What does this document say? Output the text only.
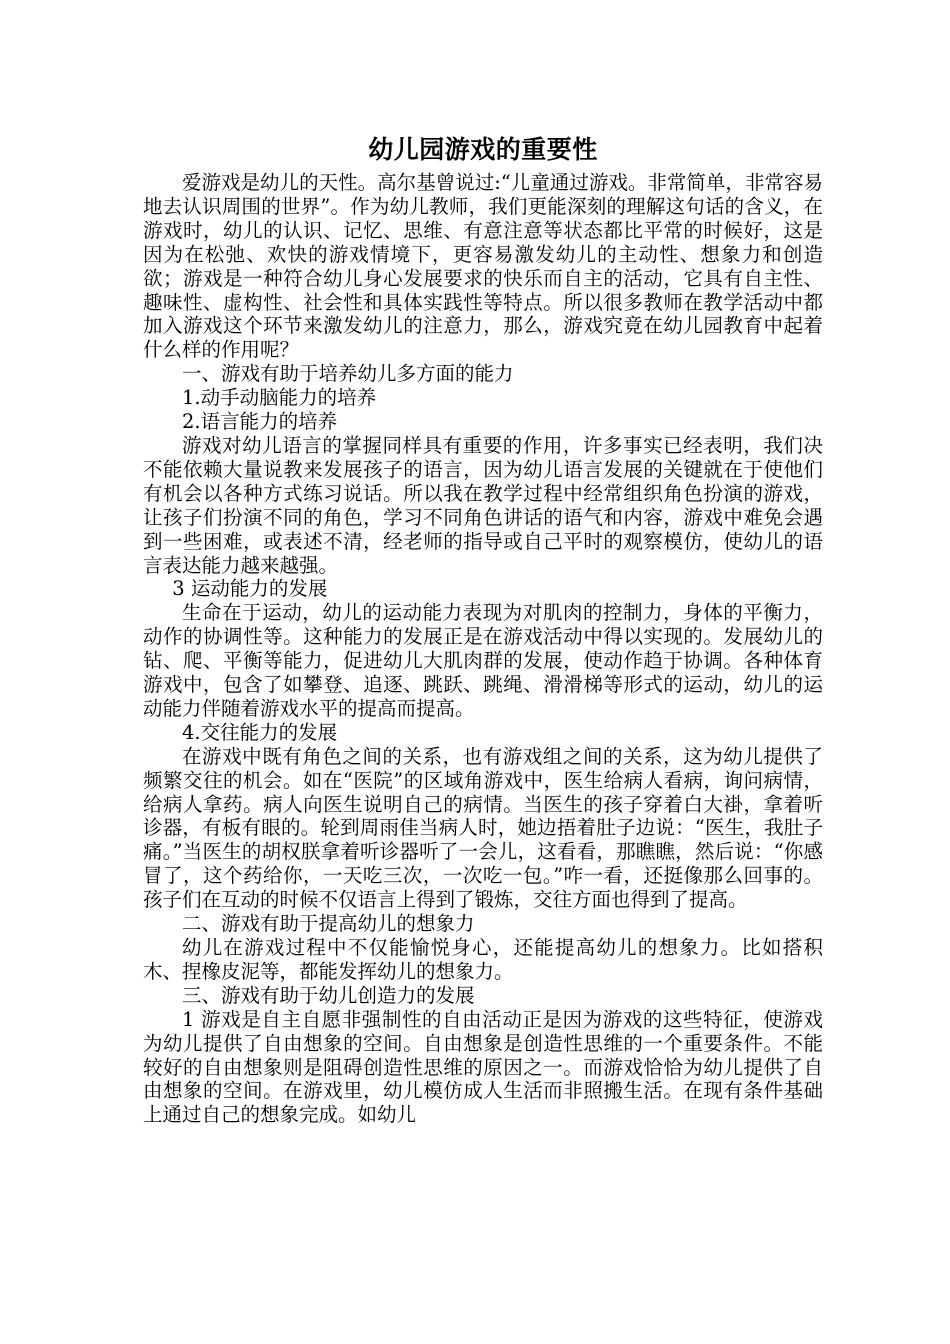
幼儿园游戏的重要性

爱游戏是幼儿的天性。高尔基曾说过:“儿童通过游戏。非常简单，非常容易地去认识周围的世界”。作为幼儿教师，我们更能深刻的理解这句话的含义，在游戏时，幼儿的认识、记忆、思维、有意注意等状态都比平常的时候好，这是因为在松弛、欢快的游戏情境下，更容易激发幼儿的主动性、想象力和创造欲；游戏是一种符合幼儿身心发展要求的快乐而自主的活动，它具有自主性、趣味性、虚构性、社会性和具体实践性等特点。所以很多教师在教学活动中都加入游戏这个环节来激发幼儿的注意力，那么，游戏究竟在幼儿园教育中起着什么样的作用呢？

一、游戏有助于培养幼儿多方面的能力

1.动手动脑能力的培养

2.语言能力的培养

游戏对幼儿语言的掌握同样具有重要的作用，许多事实已经表明，我们决不能依赖大量说教来发展孩子的语言，因为幼儿语言发展的关键就在于使他们有机会以各种方式练习说话。所以我在教学过程中经常组织角色扮演的游戏，让孩子们扮演不同的角色，学习不同角色讲话的语气和内容，游戏中难免会遇到一些困难，或表述不清，经老师的指导或自己平时的观察模仿，使幼儿的语言表达能力越来越强。

3 运动能力的发展

生命在于运动，幼儿的运动能力表现为对肌肉的控制力，身体的平衡力，动作的协调性等。这种能力的发展正是在游戏活动中得以实现的。发展幼儿的钻、爬、平衡等能力，促进幼儿大肌肉群的发展，使动作趋于协调。各种体育游戏中，包含了如攀登、追逐、跳跃、跳绳、滑滑梯等形式的运动，幼儿的运动能力伴随着游戏水平的提高而提高。

4.交往能力的发展

在游戏中既有角色之间的关系，也有游戏组之间的关系，这为幼儿提供了频繁交往的机会。如在“医院”的区域角游戏中，医生给病人看病，询问病情，给病人拿药。病人向医生说明自己的病情。当医生的孩子穿着白大褂，拿着听诊器，有板有眼的。轮到周雨佳当病人时，她边捂着肚子边说：“医生，我肚子痛。”当医生的胡权朕拿着听诊器听了一会儿，这看看，那瞧瞧，然后说：“你感冒了，这个药给你，一天吃三次，一次吃一包。”咋一看，还挺像那么回事的。孩子们在互动的时候不仅语言上得到了锻炼，交往方面也得到了提高。

二、游戏有助于提高幼儿的想象力

幼儿在游戏过程中不仅能愉悦身心，还能提高幼儿的想象力。比如搭积木、捏橡皮泥等，都能发挥幼儿的想象力。

三、游戏有助于幼儿创造力的发展

1 游戏是自主自愿非强制性的自由活动正是因为游戏的这些特征，使游戏为幼儿提供了自由想象的空间。自由想象是创造性思维的一个重要条件。不能较好的自由想象则是阻碍创造性思维的原因之一。而游戏恰恰为幼儿提供了自由想象的空间。在游戏里，幼儿模仿成人生活而非照搬生活。在现有条件基础上通过自己的想象完成。如幼儿
